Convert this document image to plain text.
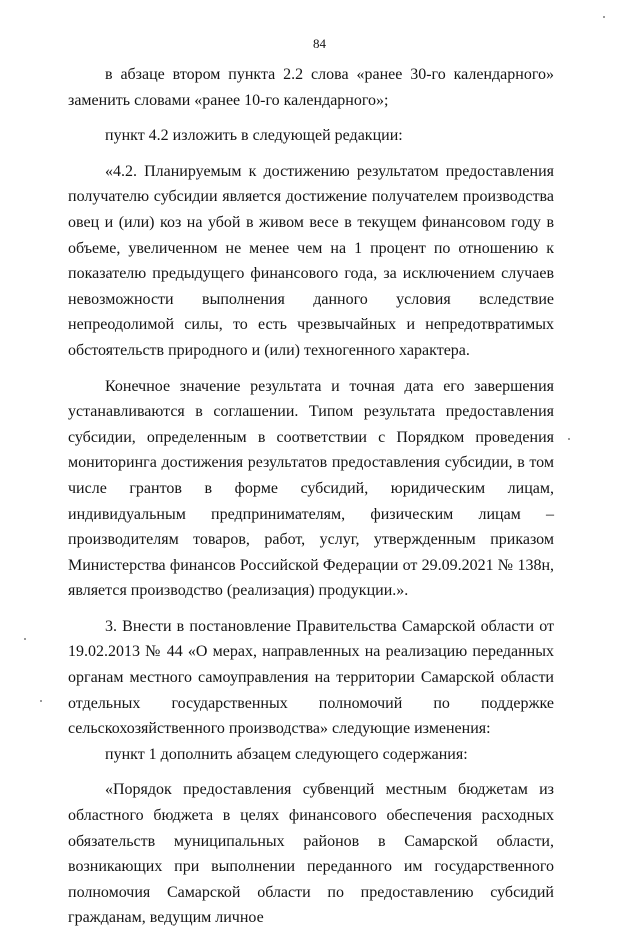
84

в абзаце втором пункта 2.2 слова «ранее 30-го календарного» заменить словами «ранее 10-го календарного»;

пункт 4.2 изложить в следующей редакции:

«4.2. Планируемым к достижению результатом предоставления получателю субсидии является достижение получателем производства овец и (или) коз на убой в живом весе в текущем финансовом году в объеме, увеличенном не менее чем на 1 процент по отношению к показателю предыдущего финансового года, за исключением случаев невозможности выполнения данного условия вследствие непреодолимой силы, то есть чрезвычайных и непредотвратимых обстоятельств природного и (или) техногенного характера.

Конечное значение результата и точная дата его завершения устанавливаются в соглашении. Типом результата предоставления субсидии, определенным в соответствии с Порядком проведения мониторинга достижения результатов предоставления субсидии, в том числе грантов в форме субсидий, юридическим лицам, индивидуальным предпринимателям, физическим лицам – производителям товаров, работ, услуг, утвержденным приказом Министерства финансов Российской Федерации от 29.09.2021 № 138н, является производство (реализация) продукции.».

3. Внести в постановление Правительства Самарской области от 19.02.2013 № 44 «О мерах, направленных на реализацию переданных органам местного самоуправления на территории Самарской области отдельных государственных полномочий по поддержке сельскохозяйственного производства» следующие изменения:

пункт 1 дополнить абзацем следующего содержания:

«Порядок предоставления субвенций местным бюджетам из областного бюджета в целях финансового обеспечения расходных обязательств муниципальных районов в Самарской области, возникающих при выполнении переданного им государственного полномочия Самарской области по предоставлению субсидий гражданам, ведущим личное
